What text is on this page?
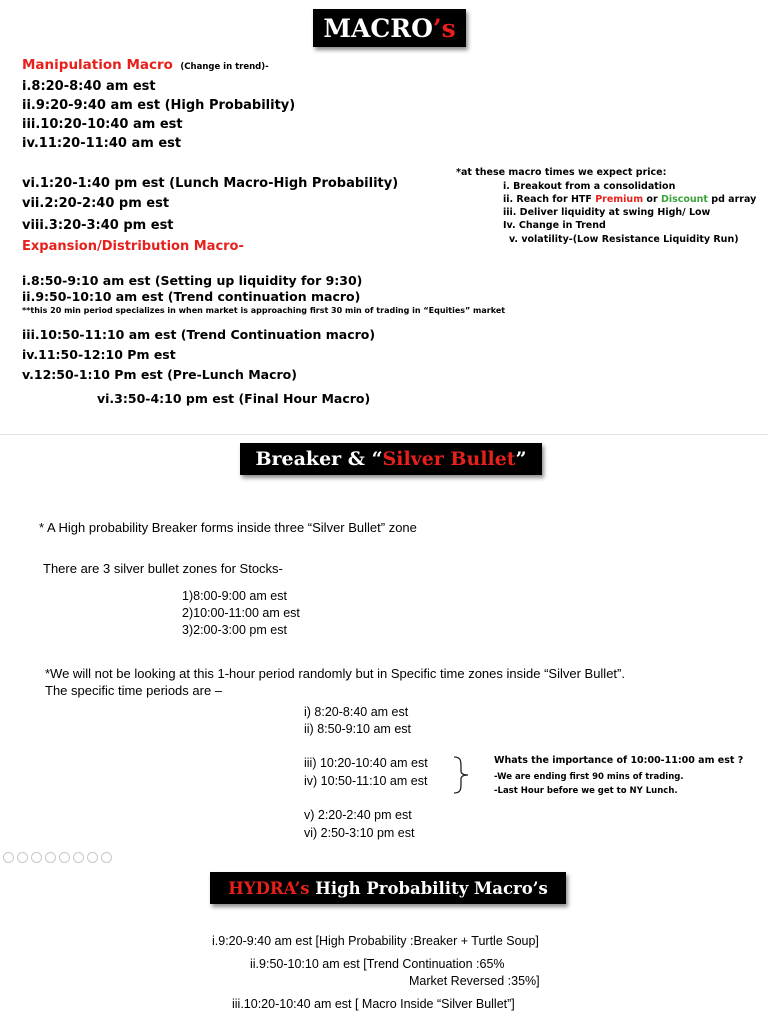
MACRO ’s
Manipulation Macro (Change in trend)-
i.8:20-8:40 am est
ii.9:20-9:40 am est (High Probability)
iii.10:20-10:40 am est
iv.11:20-11:40 am est
vi.1:20-1:40 pm est (Lunch Macro-High Probability)
vii.2:20-2:40 pm est
viii.3:20-3:40 pm est
*at these macro times we expect price:
i. Breakout from a consolidation
ii. Reach for HTF Premium or Discount pd array
iii. Deliver liquidity at swing High/ Low
Iv. Change in Trend
v. volatility-(Low Resistance Liquidity Run)
Expansion/Distribution Macro-
i.8:50-9:10 am est (Setting up liquidity for 9:30)
ii.9:50-10:10 am est (Trend continuation macro)
**this 20 min period specializes in when market is approaching first 30 min of trading in “Equities” market
iii.10:50-11:10 am est (Trend Continuation macro)
iv.11:50-12:10 Pm est
v.12:50-1:10 Pm est (Pre-Lunch Macro)
vi.3:50-4:10 pm est (Final Hour Macro)
Breaker & “ Silver Bullet ”
* A High probability Breaker forms inside three “Silver Bullet” zone
There are 3 silver bullet zones for Stocks-
1)8:00-9:00 am est
2)10:00-11:00 am est
3)2:00-3:00 pm est
*We will not be looking at this 1-hour period randomly but in Specific time zones inside “Silver Bullet”.
The specific time periods are –
i) 8:20-8:40 am est
ii) 8:50-9:10 am est
iii) 10:20-10:40 am est
iv) 10:50-11:10 am est
v) 2:20-2:40 pm est
vi) 2:50-3:10 pm est
Whats the importance of 10:00-11:00 am est ?
-We are ending first 90 mins of trading.
-Last Hour before we get to NY Lunch.
HYDRA’s High Probability Macro’s
i.9:20-9:40 am est [High Probability :Breaker + Turtle Soup]
ii.9:50-10:10 am est [Trend Continuation :65%
Market Reversed :35%]
iii.10:20-10:40 am est [ Macro Inside “Silver Bullet”]
